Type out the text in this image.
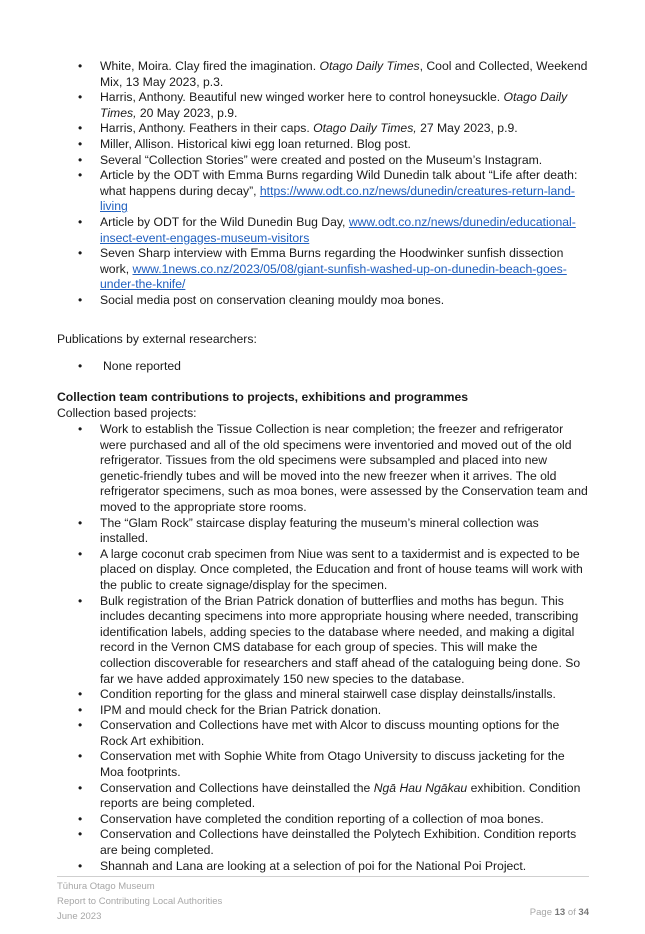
• White, Moira. Clay fired the imagination. Otago Daily Times, Cool and Collected, Weekend Mix, 13 May 2023, p.3.
• Harris, Anthony. Beautiful new winged worker here to control honeysuckle. Otago Daily Times, 20 May 2023, p.9.
• Harris, Anthony. Feathers in their caps. Otago Daily Times, 27 May 2023, p.9.
• Miller, Allison. Historical kiwi egg loan returned. Blog post.
• Several “Collection Stories” were created and posted on the Museum’s Instagram.
• Article by the ODT with Emma Burns regarding Wild Dunedin talk about “Life after death: what happens during decay”, https://www.odt.co.nz/news/dunedin/creatures-return-land-living
• Article by ODT for the Wild Dunedin Bug Day, www.odt.co.nz/news/dunedin/educational-insect-event-engages-museum-visitors
• Seven Sharp interview with Emma Burns regarding the Hoodwinker sunfish dissection work, www.1news.co.nz/2023/05/08/giant-sunfish-washed-up-on-dunedin-beach-goes-under-the-knife/
• Social media post on conservation cleaning mouldy moa bones.
Publications by external researchers:
• None reported
Collection team contributions to projects, exhibitions and programmes
Collection based projects:
• Work to establish the Tissue Collection is near completion; the freezer and refrigerator were purchased and all of the old specimens were inventoried and moved out of the old refrigerator. Tissues from the old specimens were subsampled and placed into new genetic-friendly tubes and will be moved into the new freezer when it arrives. The old refrigerator specimens, such as moa bones, were assessed by the Conservation team and moved to the appropriate store rooms.
• The “Glam Rock” staircase display featuring the museum’s mineral collection was installed.
• A large coconut crab specimen from Niue was sent to a taxidermist and is expected to be placed on display. Once completed, the Education and front of house teams will work with the public to create signage/display for the specimen.
• Bulk registration of the Brian Patrick donation of butterflies and moths has begun. This includes decanting specimens into more appropriate housing where needed, transcribing identification labels, adding species to the database where needed, and making a digital record in the Vernon CMS database for each group of species. This will make the collection discoverable for researchers and staff ahead of the cataloguing being done. So far we have added approximately 150 new species to the database.
• Condition reporting for the glass and mineral stairwell case display deinstalls/installs.
• IPM and mould check for the Brian Patrick donation.
• Conservation and Collections have met with Alcor to discuss mounting options for the Rock Art exhibition.
• Conservation met with Sophie White from Otago University to discuss jacketing for the Moa footprints.
• Conservation and Collections have deinstalled the Ngā Hau Ngākau exhibition. Condition reports are being completed.
• Conservation have completed the condition reporting of a collection of moa bones.
• Conservation and Collections have deinstalled the Polytech Exhibition. Condition reports are being completed.
• Shannah and Lana are looking at a selection of poi for the National Poi Project.
Tūhura Otago Museum
Report to Contributing Local Authorities
June 2023	Page 13 of 34
